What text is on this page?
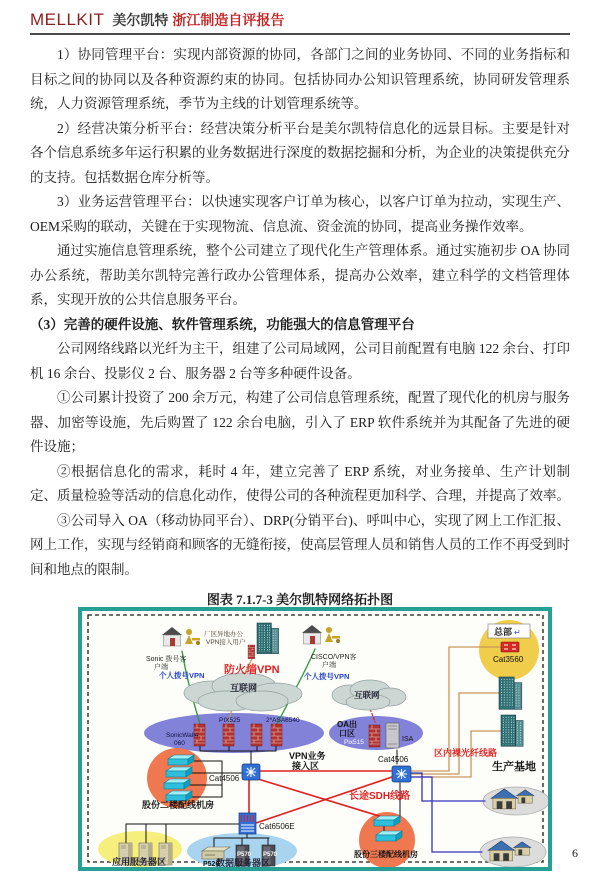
MELLKIT 美尔凯特 浙江制造自评报告

1）协同管理平台：实现内部资源的协同，各部门之间的业务协同、不同的业务指标和目标之间的协同以及各种资源约束的协同。包括协同办公知识管理系统，协同研发管理系统，人力资源管理系统，季节为主线的计划管理系统等。

2）经营决策分析平台：经营决策分析平台是美尔凯特信息化的远景目标。主要是针对各个信息系统多年运行积累的业务数据进行深度的数据挖掘和分析，为企业的决策提供充分的支持。包括数据仓库分析等。

3）业务运营管理平台：以快速实现客户订单为核心，以客户订单为拉动，实现生产、OEM采购的联动，关键在于实现物流、信息流、资金流的协同，提高业务操作效率。

通过实施信息管理系统，整个公司建立了现代化生产管理体系。通过实施初步 OA 协同办公系统，帮助美尔凯特完善行政办公管理体系，提高办公效率，建立科学的文档管理体系，实现开放的公共信息服务平台。

（3）完善的硬件设施、软件管理系统，功能强大的信息管理平台

公司网络线路以光纤为主干，组建了公司局域网，公司目前配置有电脑 122 余台、打印机 16 余台、投影仪 2 台、服务器 2 台等多种硬件设备。

①公司累计投资了 200 余万元，构建了公司信息管理系统，配置了现代化的机房与服务器、加密等设施，先后购置了 122 余台电脑，引入了 ERP 软件系统并为其配备了先进的硬件设施；

②根据信息化的需求，耗时 4 年，建立完善了 ERP 系统，对业务接单、生产计划制定、质量检验等活动的信息化动作，使得公司的各种流程更加科学、合理，并提高了效率。

③公司导入 OA（移动协同平台）、DRP(分销平台)、呼叫中心，实现了网上工作汇报、网上工作，实现与经销商和顾客的无缝衔接，使高层管理人员和销售人员的工作不再受到时间和地点的限制。

图表 7.1.7-3 美尔凯特网络拓扑图
厂区异地办公
VPN接入用户
Sonic 拨号客
户端
个人拨号VPN 防火墙VPN
互联网
CISCO/VPN客
户端
个人拨号VPN
互联网
总部 ↵
Cat3560
SonicWall4
060
PIX525	2*ASA6540	OA出
口区
Pix515	ISA
VPN业务
接入区
Cat4506
Cat4506
区内裸光纤线路
生产基地
长途SDH线路
股份二楼配线机房
Cat6506E
股份三楼配线机房
应用服务器区	数据服务器区
P520
P570 P570	6
